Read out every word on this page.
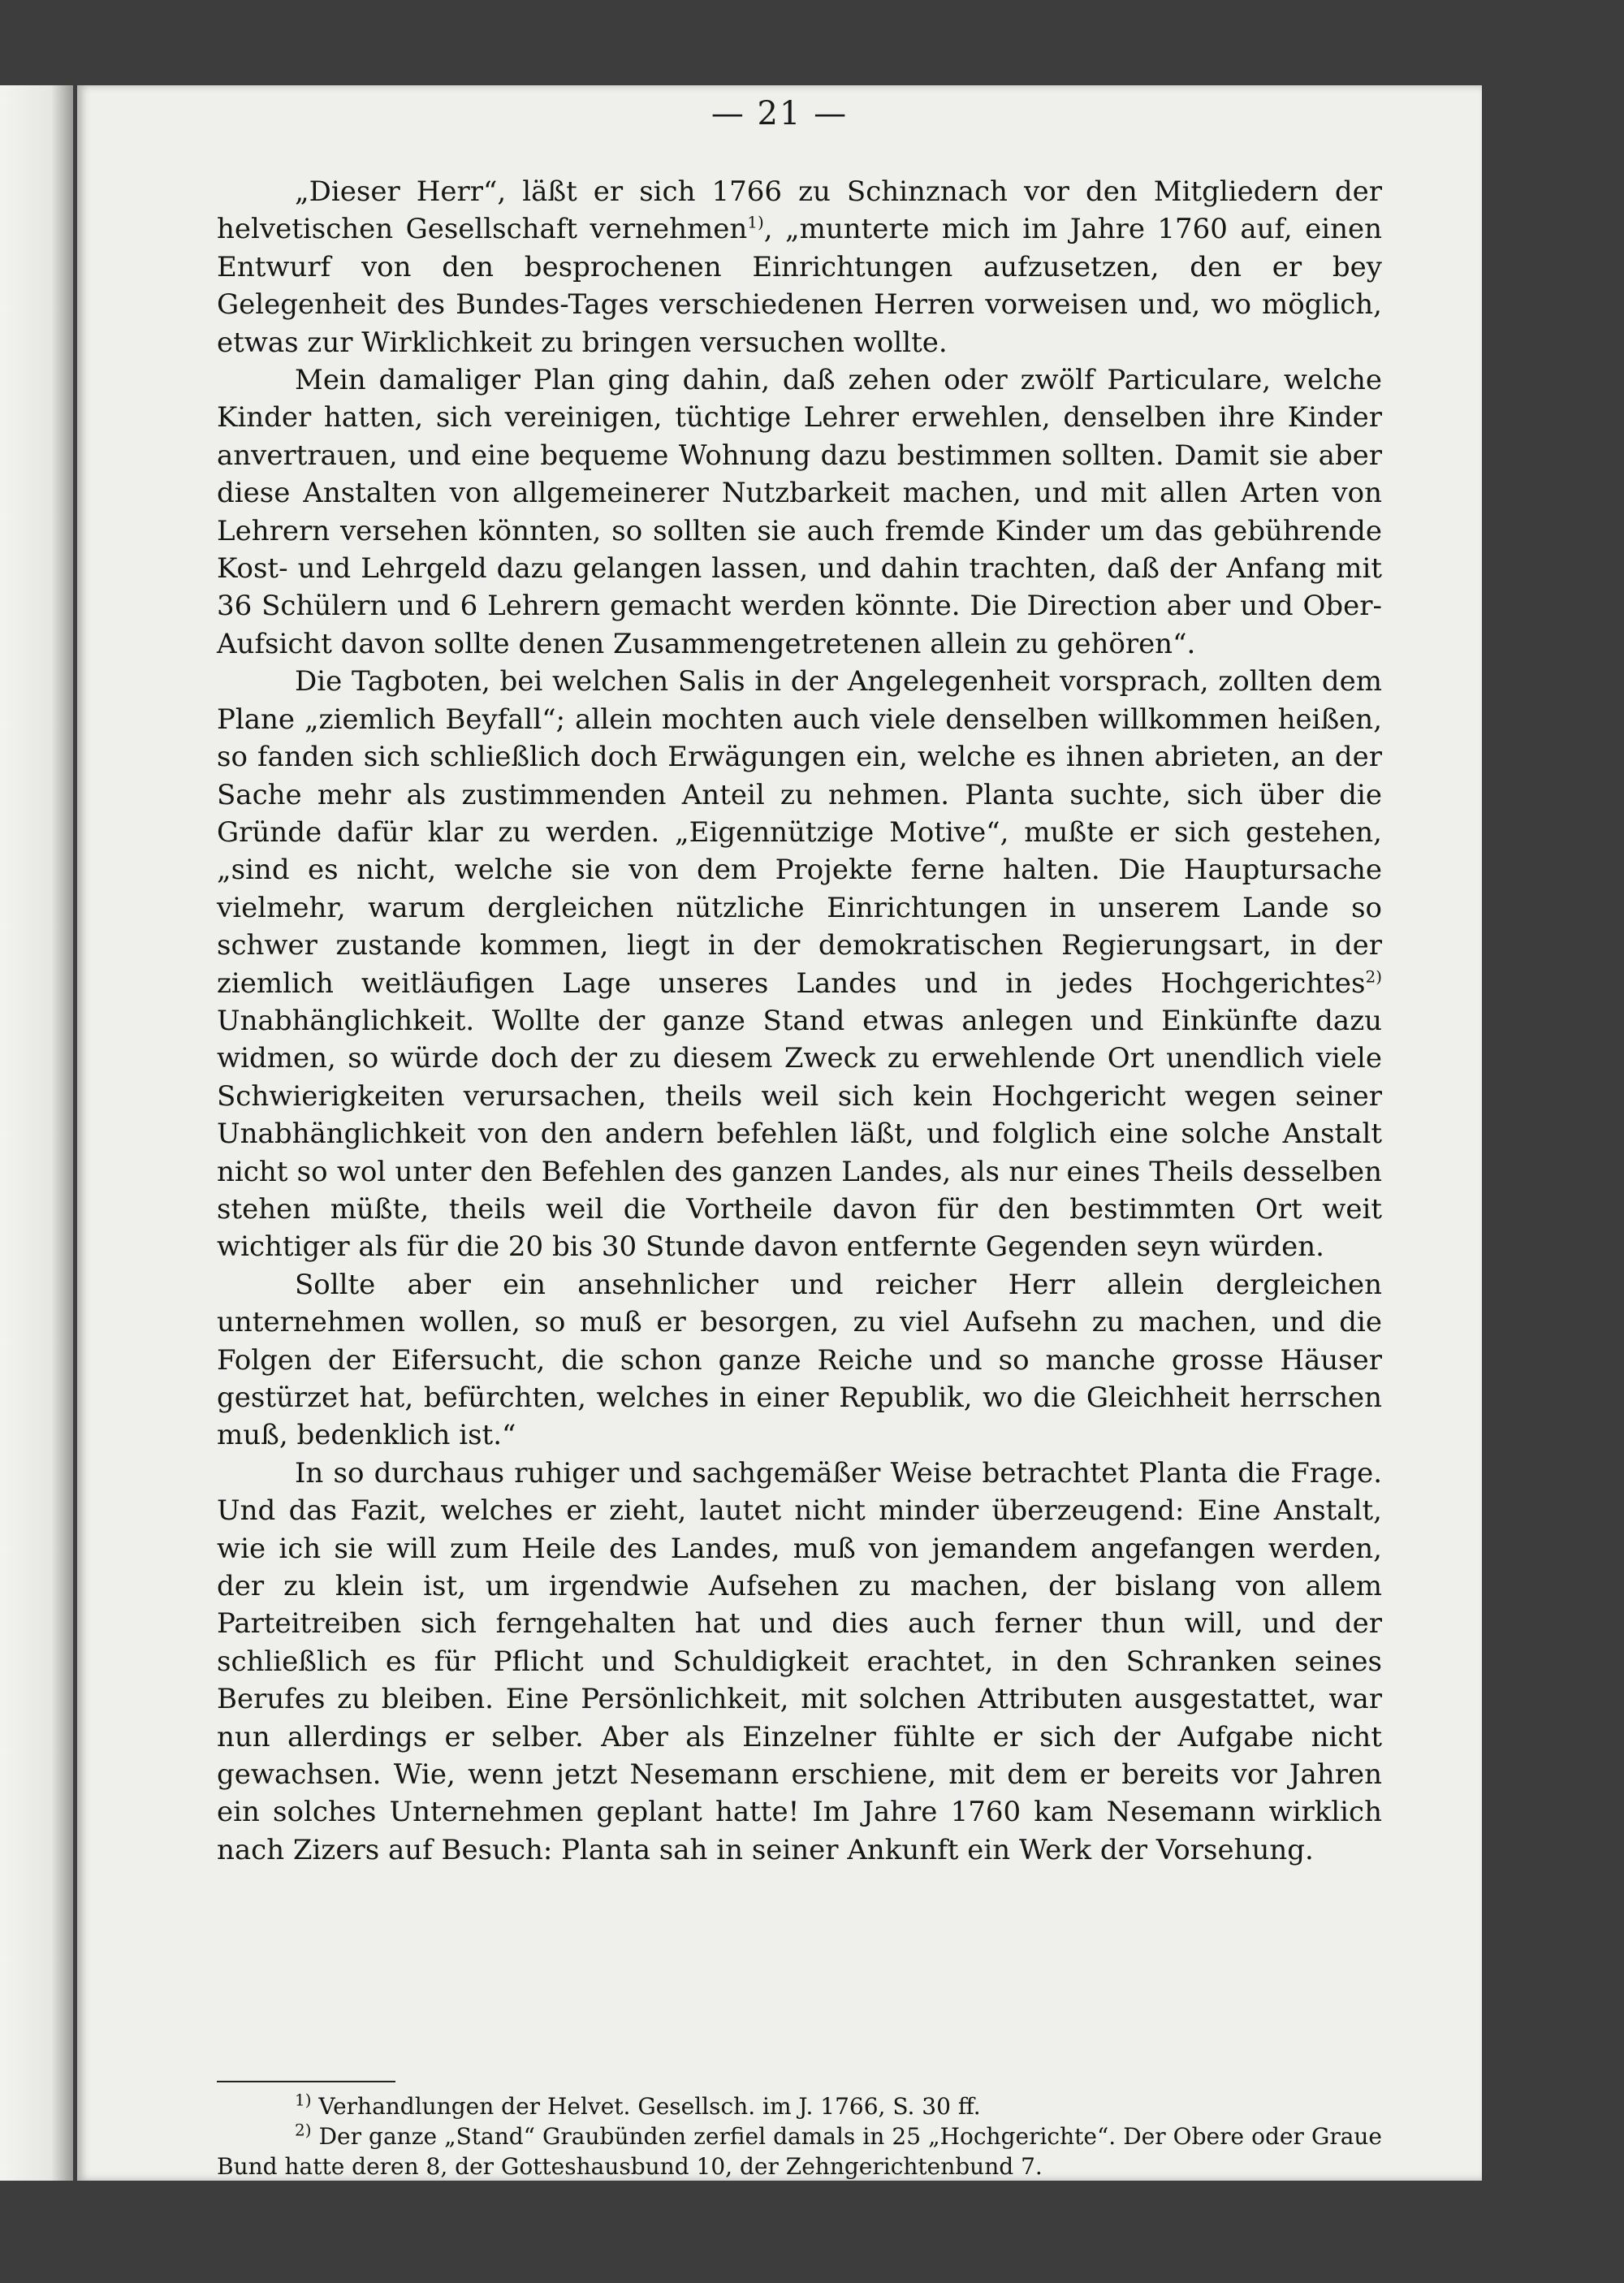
— 21 —

„Dieser Herr“, läßt er sich 1766 zu Schinznach vor den Mitgliedern der helvetischen Gesellschaft vernehmen$^{1)}$, „munterte mich im Jahre 1760 auf, einen Entwurf von den besprochenen Einrichtungen aufzusetzen, den er bey Gelegenheit des Bundes-Tages verschiedenen Herren vorweisen und, wo möglich, etwas zur Wirklichkeit zu bringen versuchen wollte.

Mein damaliger Plan ging dahin, daß zehen oder zwölf Particulare, welche Kinder hatten, sich vereinigen, tüchtige Lehrer erwehlen, denselben ihre Kinder anvertrauen, und eine bequeme Wohnung dazu bestimmen sollten. Damit sie aber diese Anstalten von allgemeinerer Nutzbarkeit machen, und mit allen Arten von Lehrern versehen könnten, so sollten sie auch fremde Kinder um das gebührende Kost- und Lehrgeld dazu gelangen lassen, und dahin trachten, daß der Anfang mit 36 Schülern und 6 Lehrern gemacht werden könnte. Die Direction aber und Ober-Aufsicht davon sollte denen Zusammengetretenen allein zu gehören“.

Die Tagboten, bei welchen Salis in der Angelegenheit vorsprach, zollten dem Plane „ziemlich Beyfall“; allein mochten auch viele denselben willkommen heißen, so fanden sich schließlich doch Erwägungen ein, welche es ihnen abrieten, an der Sache mehr als zustimmenden Anteil zu nehmen. Planta suchte, sich über die Gründe dafür klar zu werden. „Eigennützige Motive“, mußte er sich gestehen, „sind es nicht, welche sie von dem Projekte ferne halten. Die Hauptursache vielmehr, warum dergleichen nützliche Einrichtungen in unserem Lande so schwer zustande kommen, liegt in der demokratischen Regierungsart, in der ziemlich weitläufigen Lage unseres Landes und in jedes Hochgerichtes$^{2)}$ Unabhänglichkeit. Wollte der ganze Stand etwas anlegen und Einkünfte dazu widmen, so würde doch der zu diesem Zweck zu erwehlende Ort unendlich viele Schwierigkeiten verursachen, theils weil sich kein Hochgericht wegen seiner Unabhänglichkeit von den andern befehlen läßt, und folglich eine solche Anstalt nicht so wol unter den Befehlen des ganzen Landes, als nur eines Theils desselben stehen müßte, theils weil die Vortheile davon für den bestimmten Ort weit wichtiger als für die 20 bis 30 Stunde davon entfernte Gegenden seyn würden.

Sollte aber ein ansehnlicher und reicher Herr allein dergleichen unternehmen wollen, so muß er besorgen, zu viel Aufsehn zu machen, und die Folgen der Eifersucht, die schon ganze Reiche und so manche grosse Häuser gestürzet hat, befürchten, welches in einer Republik, wo die Gleichheit herrschen muß, bedenklich ist.“

In so durchaus ruhiger und sachgemäßer Weise betrachtet Planta die Frage. Und das Fazit, welches er zieht, lautet nicht minder überzeugend: Eine Anstalt, wie ich sie will zum Heile des Landes, muß von jemandem angefangen werden, der zu klein ist, um irgendwie Aufsehen zu machen, der bislang von allem Parteitreiben sich ferngehalten hat und dies auch ferner thun will, und der schließlich es für Pflicht und Schuldigkeit erachtet, in den Schranken seines Berufes zu bleiben. Eine Persönlichkeit, mit solchen Attributen ausgestattet, war nun allerdings er selber. Aber als Einzelner fühlte er sich der Aufgabe nicht gewachsen. Wie, wenn jetzt Nesemann erschiene, mit dem er bereits vor Jahren ein solches Unternehmen geplant hatte! Im Jahre 1760 kam Nesemann wirklich nach Zizers auf Besuch: Planta sah in seiner Ankunft ein Werk der Vorsehung.

$^{1)}$ Verhandlungen der Helvet. Gesellsch. im J. 1766, S. 30 ff.

$^{2)}$ Der ganze „Stand“ Graubünden zerfiel damals in 25 „Hochgerichte“. Der Obere oder Graue Bund hatte deren 8, der Gotteshausbund 10, der Zehngerichtenbund 7.
